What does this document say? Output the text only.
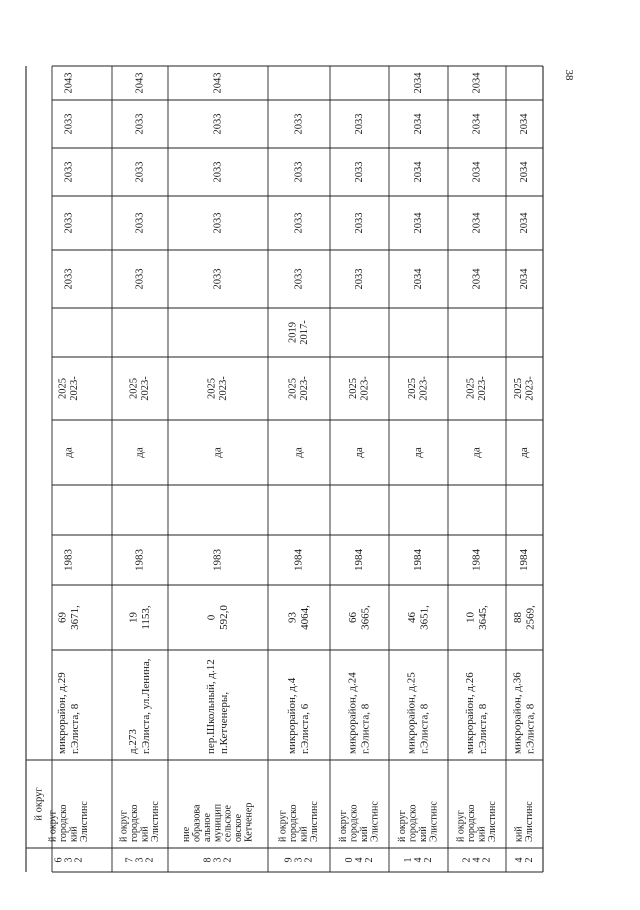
й округ
2
3
6
Элистинс
кий
городско
й округ
г.Элиста, 8
микрорайон, д.29
3671,
69
1983
да
2023-
2025
2033
2033
2033
2033
2043
2
3
7
Элистинс
кий
городско
й округ
г.Элиста, ул.Ленина,
д.273
1153,
19
1983
да
2023-
2025
2033
2033
2033
2033
2043
2
3
8
Кетченер
овское
сельское
муницип
альное
образова
ние
п.Кетченеры,
пер.Школьный, д.12
592,0
0
1983
да
2023-
2025
2033
2033
2033
2033
2043
2
3
9
Элистинс
кий
городско
й округ
г.Элиста, 6
микрорайон, д.4
4064,
93
1984
да
2023-
2025
2017-
2019
2033
2033
2033
2033
2
4
0
Элистинс
кий
городско
й округ
г.Элиста, 8
микрорайон, д.24
3665,
66
1984
да
2023-
2025
2033
2033
2033
2033
2
4
1
Элистинс
кий
городско
й округ
г.Элиста, 8
микрорайон, д.25
3651,
46
1984
да
2023-
2025
2034
2034
2034
2034
2034
2
4
2
Элистинс
кий
городско
й округ
г.Элиста, 8
микрорайон, д.26
3645,
10
1984
да
2023-
2025
2034
2034
2034
2034
2034
2
4
Элистинс
кий
г.Элиста, 8
микрорайон, д.36
2569,
88
1984
да
2023-
2025
2034
2034
2034
2034
38
